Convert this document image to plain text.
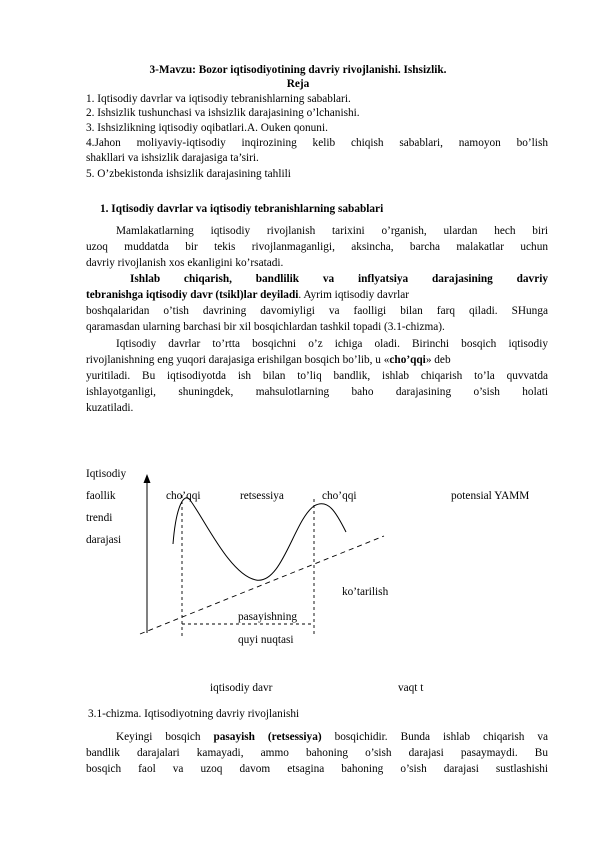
3-Mavzu: Bozor iqtisodiyotining davriy rivojlanishi. Ishsizlik.
Reja
1. Iqtisodiy davrlar va iqtisodiy tebranishlarning sabablari.
2. Ishsizlik tushunchasi va ishsizlik darajasining o’lchanishi.
3. Ishsizlikning iqtisodiy oqibatlari.A. Ouken qonuni.
4.Jahon moliyaviy-iqtisodiy inqirozining kelib chiqish sabablari, namoyon bo’lish
shakllari va ishsizlik darajasiga ta’siri.
5. O’zbekistonda ishsizlik darajasining tahlili
1. Iqtisodiy davrlar va iqtisodiy tebranishlarning sabablari
Mamlakatlarning iqtisodiy rivojlanish tarixini o’rganish, ulardan hech biri
uzoq muddatda bir tekis rivojlanmaganligi, aksincha, barcha malakatlar uchun
davriy rivojlanish xos ekanligini ko’rsatadi.
Ishlab chiqarish, bandlilik va inflyatsiya darajasining davriy
tebranishga iqtisodiy davr (tsikl)lar deyiladi. Ayrim iqtisodiy davrlar
boshqalaridan o’tish davrining davomiyligi va faolligi bilan farq qiladi. SHunga
qaramasdan ularning barchasi bir xil bosqichlardan tashkil topadi (3.1-chizma).
Iqtisodiy davrlar to’rtta bosqichni o’z ichiga oladi. Birinchi bosqich iqtisodiy
rivojlanishning eng yuqori darajasiga erishilgan bosqich bo’lib, u «cho’qqi» deb
yuritiladi. Bu iqtisodiyotda ish bilan to’liq bandlik, ishlab chiqarish to’la quvvatda
ishlayotganligi, shuningdek, mahsulotlarning baho darajasining o’sish holati
kuzatiladi.
Iqtisodiy
faollik
trendi
darajasi
cho’qqi	retsessiya	cho’qqi	potensial YAMM
ko’tarilish
pasayishning
quyi nuqtasi
iqtisodiy davr	vaqt t
3.1-chizma. Iqtisodiyotning davriy rivojlanishi
Keyingi bosqich pasayish (retsessiya) bosqichidir. Bunda ishlab chiqarish va
bandlik darajalari kamayadi, ammo bahoning o’sish darajasi pasaymaydi. Bu
bosqich faol va uzoq davom etsagina bahoning o’sish darajasi sustlashishi
